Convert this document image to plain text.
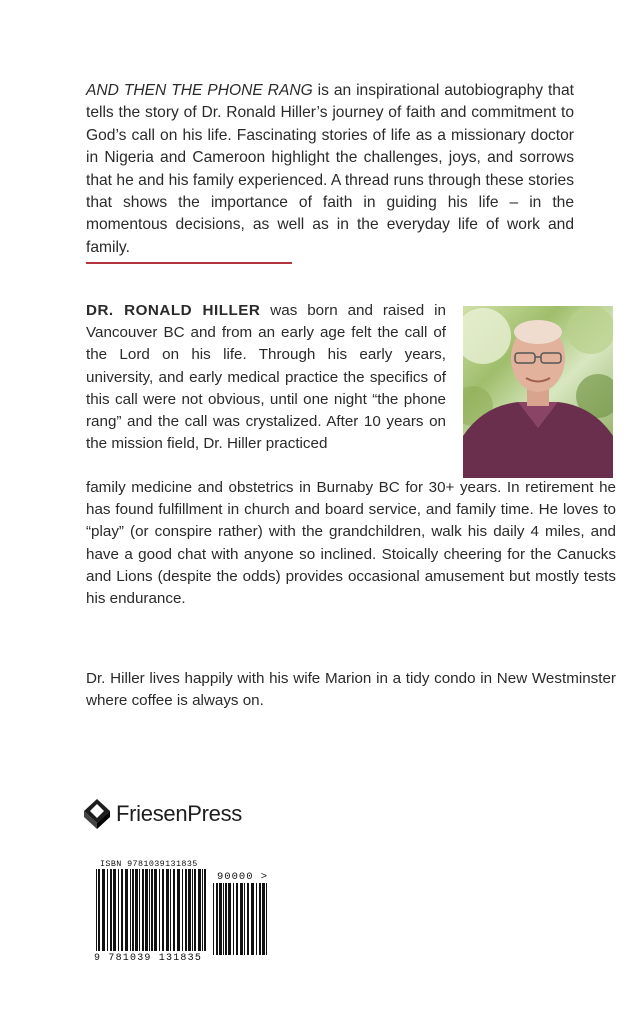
AND THEN THE PHONE RANG is an inspirational autobiography that tells the story of Dr. Ronald Hiller’s journey of faith and commitment to God’s call on his life. Fascinating stories of life as a missionary doctor in Nigeria and Cameroon highlight the challenges, joys, and sorrows that he and his family experienced. A thread runs through these stories that shows the importance of faith in guiding his life – in the momentous decisions, as well as in the everyday life of work and family.

DR. RONALD HILLER was born and raised in Vancouver BC and from an early age felt the call of the Lord on his life. Through his early years, university, and early medical practice the specifics of this call were not obvious, until one night “the phone rang” and the call was crystalized. After 10 years on the mission field, Dr. Hiller practiced

family medicine and obstetrics in Burnaby BC for 30+ years. In retirement he has found fulfillment in church and board service, and family time. He loves to “play” (or conspire rather) with the grandchildren, walk his daily 4 miles, and have a good chat with anyone so inclined. Stoically cheering for the Canucks and Lions (despite the odds) provides occasional amusement but mostly tests his endurance.

Dr. Hiller lives happily with his wife Marion in a tidy condo in New Westminster where coffee is always on.

FriesenPress
ISBN 9781039131835
90000 >
9 781039 131835
